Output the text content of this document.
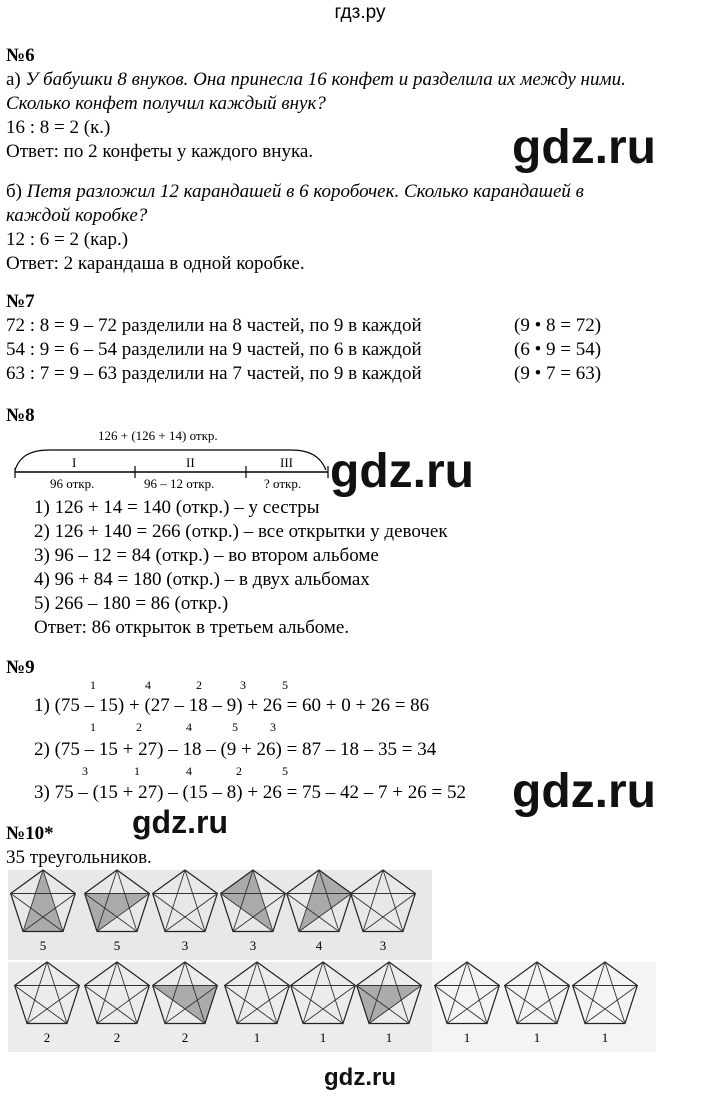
гдз.ру
№6
а) У бабушки 8 внуков. Она принесла 16 конфет и разделила их между ними.
Сколько конфет получил каждый внук?
16 : 8 = 2 (к.)
Ответ: по 2 конфеты у каждого внука.
б) Петя разложил 12 карандашей в 6 коробочек. Сколько карандашей в
каждой коробке?
12 : 6 = 2 (кар.)
Ответ: 2 карандаша в одной коробке.
gdz.ru
№7
72 : 8 = 9 – 72 разделили на 8 частей, по 9 в каждой	(9 • 8 = 72)
54 : 9 = 6 – 54 разделили на 9 частей, по 6 в каждой	(6 • 9 = 54)
63 : 7 = 9 – 63 разделили на 7 частей, по 9 в каждой	(9 • 7 = 63)
№8
126 + (126 + 14) откр.
I	II	III
96 откр.	96 – 12 откр.	? откр. gdz.ru
1) 126 + 14 = 140 (откр.) – у сестры
2) 126 + 140 = 266 (откр.) – все открытки у девочек
3) 96 – 12 = 84 (откр.) – во втором альбоме
4) 96 + 84 = 180 (откр.) – в двух альбомах
5) 266 – 180 = 86 (откр.)
Ответ: 86 открыток в третьем альбоме.
№9
1	4	2	3	5
1) (75 – 15) + (27 – 18 – 9) + 26 = 60 + 0 + 26 = 86
1	2	4	5	3
2) (75 – 15 + 27) – 18 – (9 + 26) = 87 – 18 – 35 = 34
3	1	4	2	5
3) 75 – (15 + 27) – (15 – 8) + 26 = 75 – 42 – 7 + 26 = 52 gdz.ru
№10* gdz.ru
35 треугольников.
5	5	3	3	4	3
2	2	2	1	1	1	1	1	1
gdz.ru
